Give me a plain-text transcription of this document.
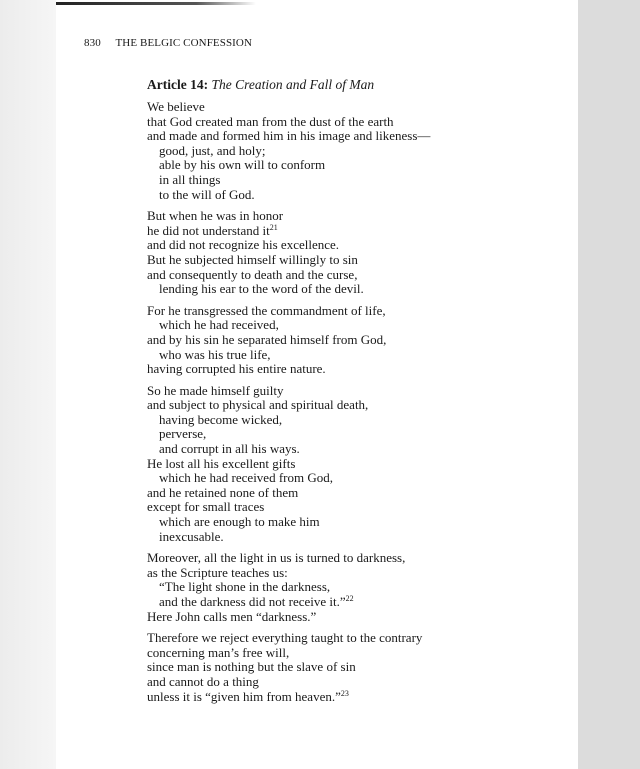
830 THE BELGIC CONFESSION
Article 14: The Creation and Fall of Man
We believe
that God created man from the dust of the earth
and made and formed him in his image and likeness—
good, just, and holy;
able by his own will to conform
in all things
to the will of God.
But when he was in honor
he did not understand $it^{21}$
and did not recognize his excellence.
But he subjected himself willingly to sin
and consequently to death and the curse,
lending his ear to the word of the devil.
For he transgressed the commandment of life,
which he had received,
and by his sin he separated himself from God,
who was his true life,
having corrupted his entire nature.
So he made himself guilty
and subject to physical and spiritual death,
having become wicked,
perverse,
and corrupt in all his ways.
He lost all his excellent gifts
which he had received from God,
and he retained none of them
except for small traces
which are enough to make him
inexcusable.
Moreover, all the light in us is turned to darkness,
as the Scripture teaches us:
“The light shone in the darkness,
and the darkness did not receive it.”$^{22}$
Here John calls men “darkness.”
Therefore we reject everything taught to the contrary
concerning man’s free will,
since man is nothing but the slave of sin
and cannot do a thing
unless it is “given him from heaven.”$^{23}$
